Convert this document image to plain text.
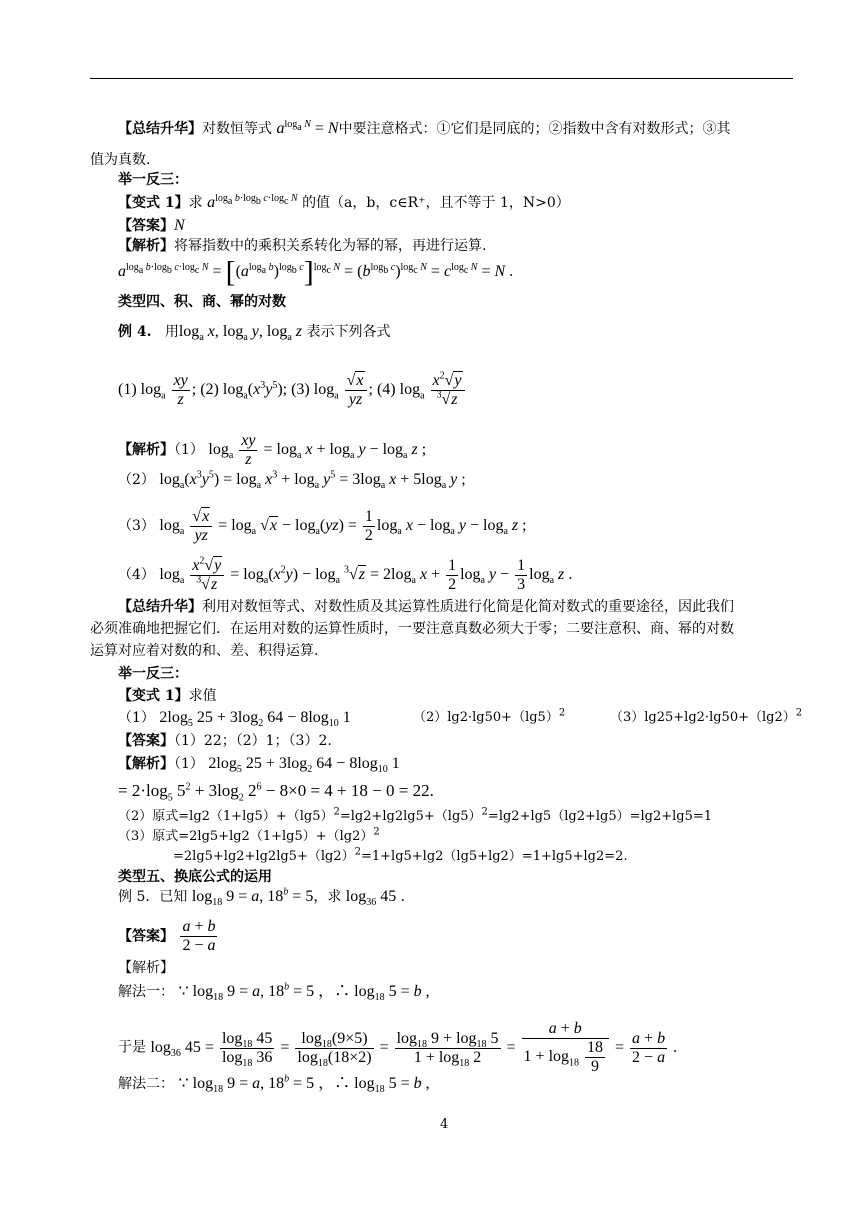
【总结升华】对数恒等式 $a^{log_a N} = N$中要注意格式：①它们是同底的；②指数中含有对数形式；③其
值为真数.
举一反三：
【变式 1】求 $a^{log_a b\cdot log_b c\cdot log_c N}$ 的值（a，b，c∈R⁺，且不等于 1，N>0）
【答案】N
【解析】将幂指数中的乘积关系转化为幂的幂，再进行运算.
$a^{log_a b\cdot log_b c\cdot log_c N} = [(a^{log_a b})^{log_b c}]^{log_c N} = (b^{log_b c})^{log_c N} = c^{log_c N} = N$ .
类型四、积、商、幂的对数
例 4. 用$\log_a x$, $\log_a y$, $\log_a z$ 表示下列各式
(1) $\log_a \frac{xy}{z}$ ; (2) $\log_a(x^3y^5)$; (3) $\log_a \frac{√x}{yz}$ ; (4) $\log_a \frac{x^2√y}{^3√z}$
【解析】（1） $\log_a \frac{xy}{z} = \log_a x + \log_a y - \log_a z$ ;
（2） $\log_a(x^3y^5) = \log_a x^3 + \log_a y^5 = 3\log_a$ $x + 5\log_a$ y ;
（3） $\log_a \frac{√x}{yz} = \log_a √x - \log_a(yz) = \frac{1}{2} \log_a x - \log_a y - \log_a z$ ;
（4） $\log_a \frac{x^2√y}{^3√z} = \log_a(x^2y) - \log_a ^3√z = 2\log_a$ $x + \frac{1}{2} \log_a y - \frac{1}{3} \log_a z$ .
【总结升华】利用对数恒等式、对数性质及其运算性质进行化简是化简对数式的重要途径，因此我们
必须准确地把握它们．在运用对数的运算性质时，一要注意真数必须大于零；二要注意积、商、幂的对数
运算对应着对数的和、差、积得运算.
举一反三：
【变式 1】求值
（1） $2\log_5$ $25 + 3\log_2$ $64 - 8\log_{10}$ 1	$(2)\lg 2\cdot\lg 50+(\lg 5)^2$	$(3)\lg 25+\lg 2\cdot\lg 50+(\lg 2)^2$
【答案】（1）22；（2）1；（3）2.
【解析】（1） $2\log_5$ $25 + 3\log_2$ $64 - 8\log_{10}$ 1
= $2\cdot\log_5$ $5^2 + 3\log_2$ $2^6 - 8\times 0 = 4 + 18 - 0 = 22$.
（2）原式$=\lg 2(1+\lg 5)+(\lg 5)^2=\lg 2+\lg 2\lg 5+(\lg 5)^2=\lg 2+\lg 5(\lg 2+\lg 5)=\lg 2+\lg 5=1$
（3）原式$=2\lg 5+\lg 2(1+\lg 5)+(\lg 2)^2$
$=2\lg 5+\lg 2+\lg 2\lg 5+(\lg 2)^2=1+\lg 5+\lg 2(\lg 5+\lg 2)=1+\lg 5+\lg 2=2$.
类型五、换底公式的运用
例 5．已知 $\log_{18} 9 = a$, $18^b = 5$，求 $\log_{36} 45$ .
【答案】 $\frac{a + b}{2 - a}$
【解析】
解法一： ∵ $\log_{18} 9 = a$, $18^b = 5$ ，∴ $\log_{18} 5 = b$ ,
于是 $\log_{36} 45 = \frac{\log_{18} 45}{\log_{18} 36} = \frac{\log_{18}(9\times 5)}{\log_{18}(18\times 2)} = \frac{\log_{18} 9 + \log_{18} 5}{1 + \log_{18} 2} = \frac{a + b}{1 + \log_{18} \frac{18}{9}} = \frac{a + b}{2 - a}$ .
解法二： ∵ $\log_{18} 9 = a$, $18^b = 5$ ，∴ $\log_{18} 5 = b$ ,
4
